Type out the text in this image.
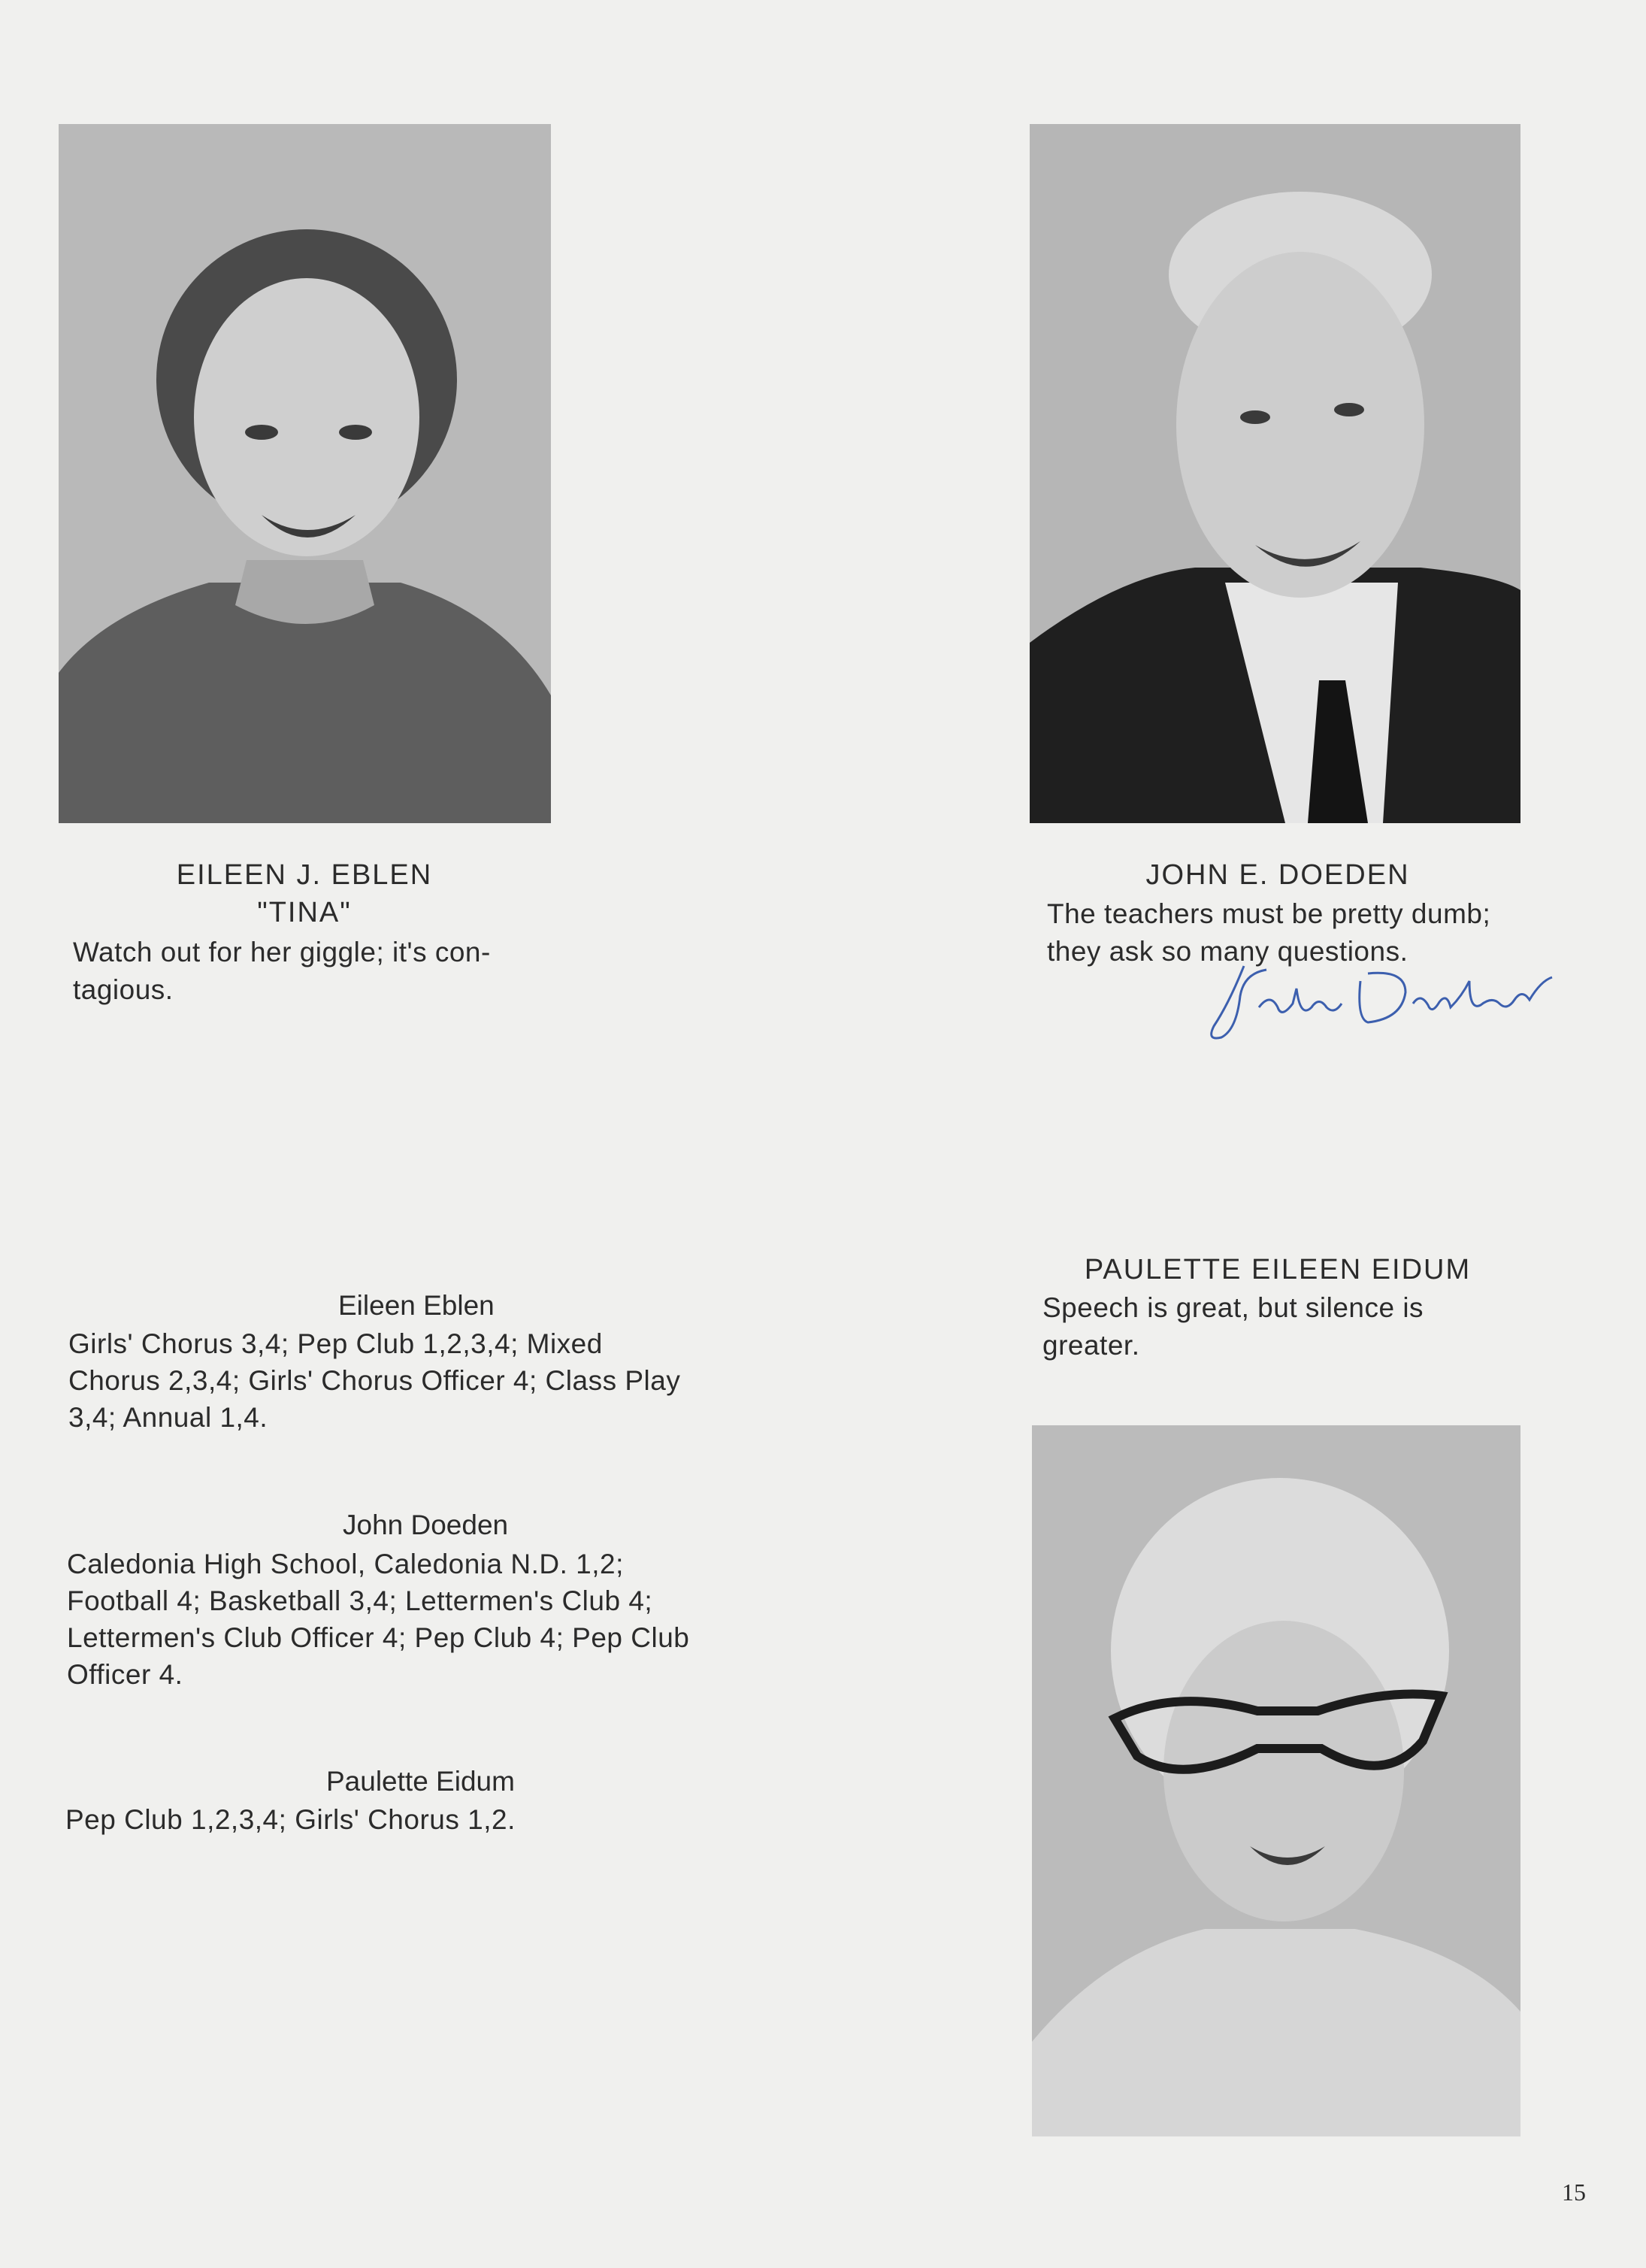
EILEEN J. EBLEN
"TINA"
Watch out for her giggle; it's con-
tagious.
JOHN E. DOEDEN
The teachers must be pretty dumb;
they ask so many questions.
PAULETTE EILEEN EIDUM
Speech is great, but silence is
greater.
Eileen Eblen
Girls' Chorus 3,4; Pep Club 1,2,3,4; Mixed
Chorus 2,3,4; Girls' Chorus Officer 4; Class Play
3,4; Annual 1,4.
John Doeden
Caledonia High School, Caledonia N.D. 1,2;
Football 4; Basketball 3,4; Lettermen's Club 4;
Lettermen's Club Officer 4; Pep Club 4; Pep Club
Officer 4.
Paulette Eidum
Pep Club 1,2,3,4; Girls' Chorus 1,2.
15
